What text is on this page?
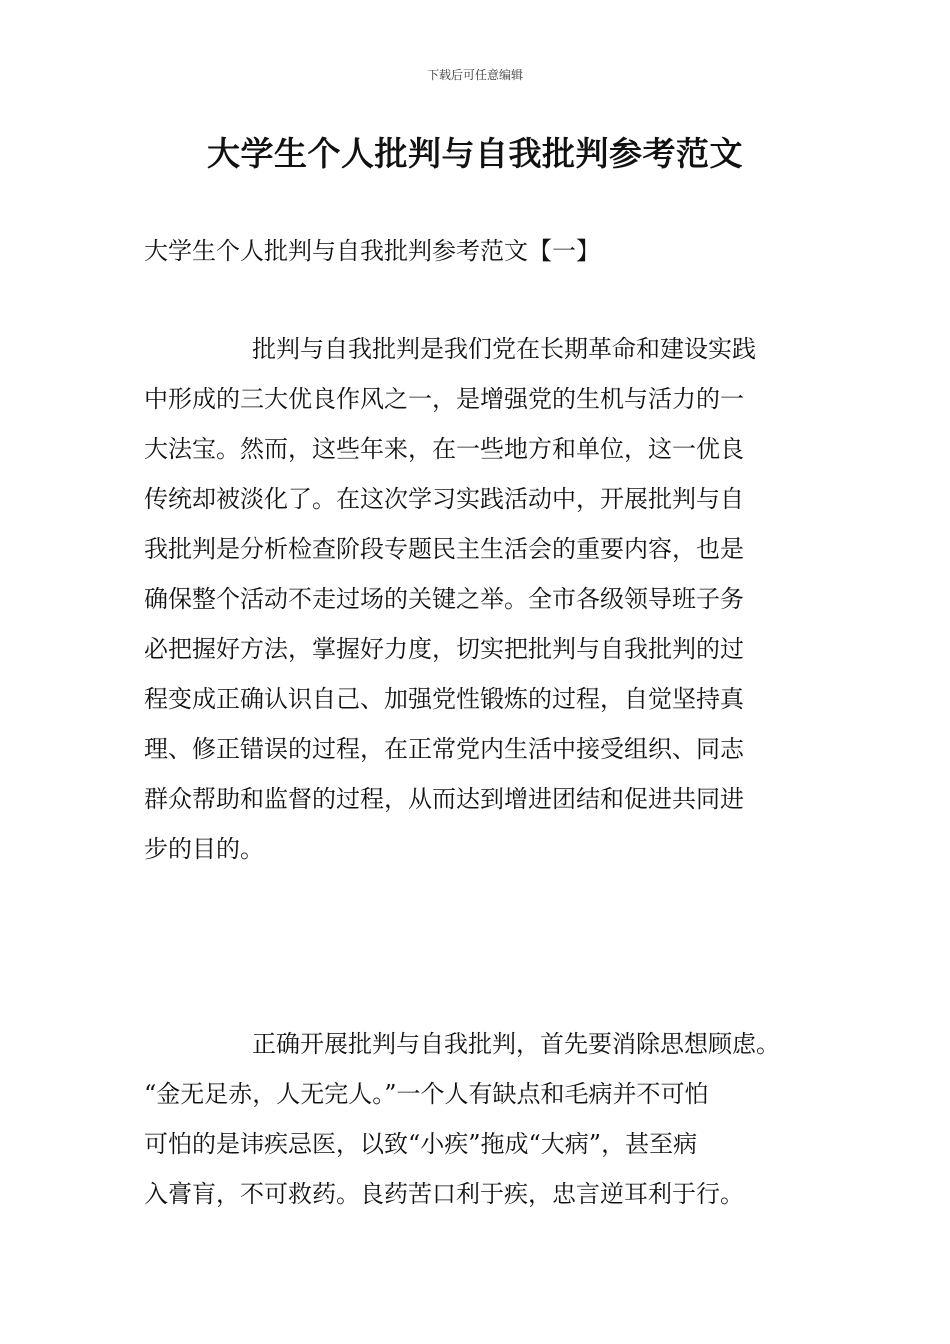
下载后可任意编辑
大学生个人批判与自我批判参考范文
大学生个人批判与自我批判参考范文【一】
批判与自我批判是我们党在长期革命和建设实践
中形成的三大优良作风之一，是增强党的生机与活力的一
大法宝。然而，这些年来，在一些地方和单位，这一优良
传统却被淡化了。在这次学习实践活动中，开展批判与自
我批判是分析检查阶段专题民主生活会的重要内容，也是
确保整个活动不走过场的关键之举。全市各级领导班子务
必把握好方法，掌握好力度，切实把批判与自我批判的过
程变成正确认识自己、加强党性锻炼的过程，自觉坚持真
理、修正错误的过程，在正常党内生活中接受组织、同志
群众帮助和监督的过程，从而达到增进团结和促进共同进
步的目的。
正确开展批判与自我批判，首先要消除思想顾虑。
“金无足赤，人无完人。”一个人有缺点和毛病并不可怕
可怕的是讳疾忌医，以致“小疾”拖成“大病”，甚至病
入膏肓，不可救药。良药苦口利于疾，忠言逆耳利于行。
